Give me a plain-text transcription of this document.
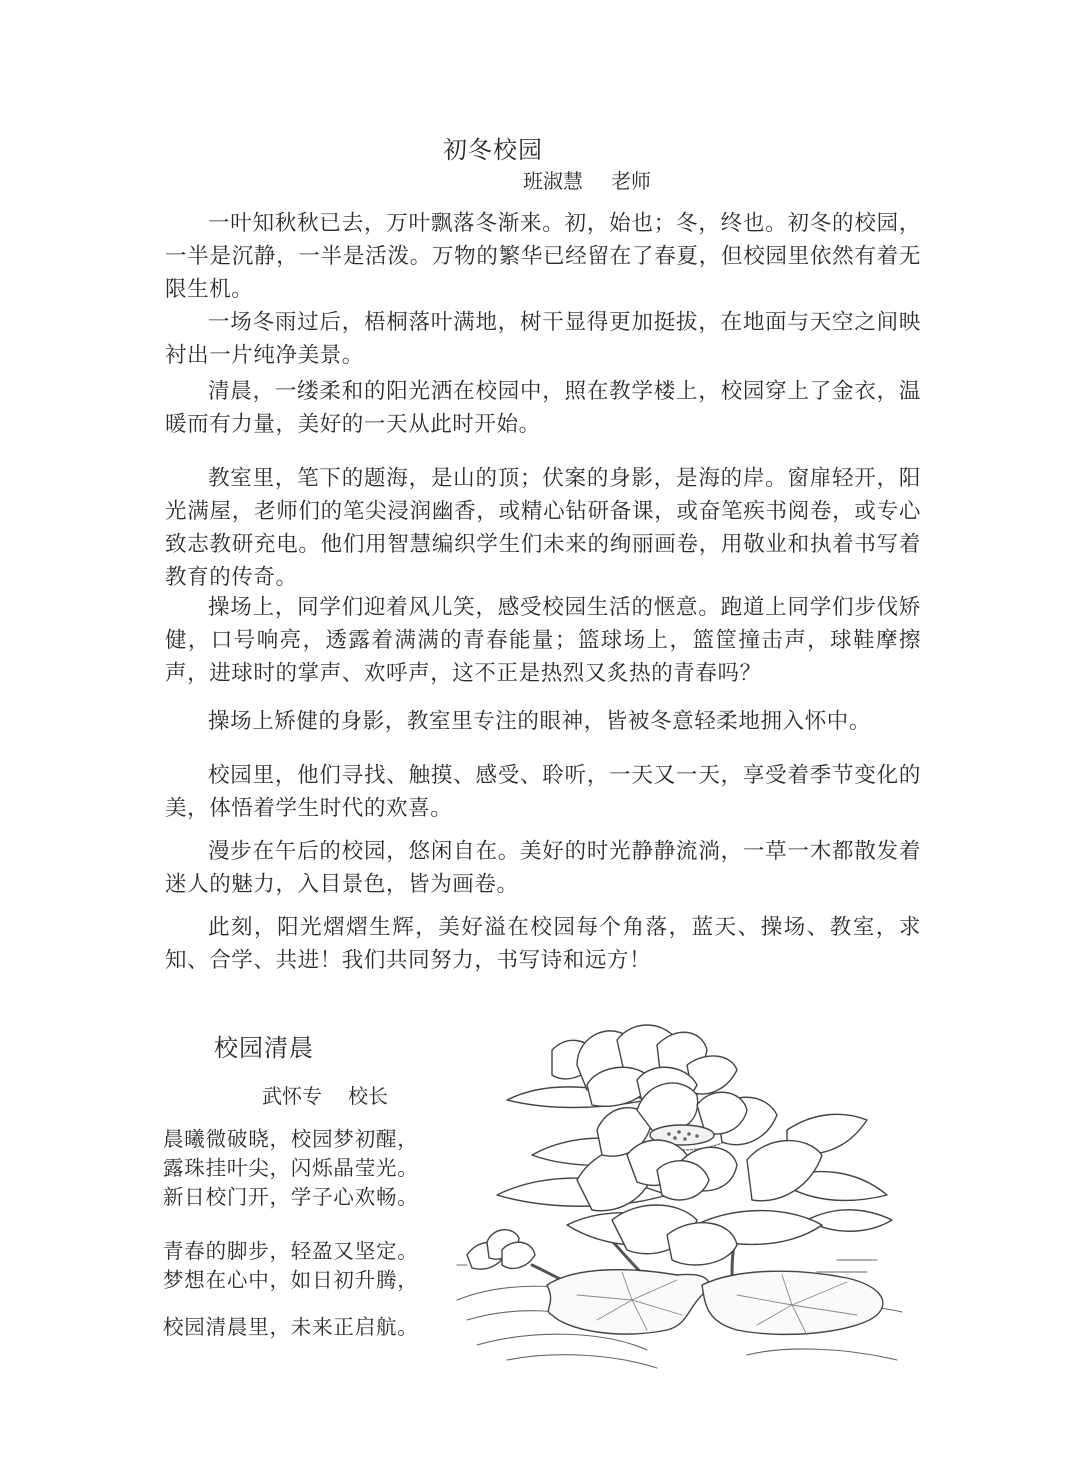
初冬校园
班淑慧 老师

一叶知秋秋已去，万叶飘落冬渐来。初，始也；冬，终也。初冬的校园，一半是沉静，一半是活泼。万物的繁华已经留在了春夏，但校园里依然有着无限生机。

一场冬雨过后，梧桐落叶满地，树干显得更加挺拔，在地面与天空之间映衬出一片纯净美景。

清晨，一缕柔和的阳光洒在校园中，照在教学楼上，校园穿上了金衣，温暖而有力量，美好的一天从此时开始。

教室里，笔下的题海，是山的顶；伏案的身影，是海的岸。窗扉轻开，阳光满屋，老师们的笔尖浸润幽香，或精心钻研备课，或奋笔疾书阅卷，或专心致志教研充电。他们用智慧编织学生们未来的绚丽画卷，用敬业和执着书写着教育的传奇。

操场上，同学们迎着风儿笑，感受校园生活的惬意。跑道上同学们步伐矫健，口号响亮，透露着满满的青春能量；篮球场上，篮筐撞击声，球鞋摩擦声，进球时的掌声、欢呼声，这不正是热烈又炙热的青春吗？

操场上矫健的身影，教室里专注的眼神，皆被冬意轻柔地拥入怀中。

校园里，他们寻找、触摸、感受、聆听，一天又一天，享受着季节变化的美，体悟着学生时代的欢喜。

漫步在午后的校园，悠闲自在。美好的时光静静流淌，一草一木都散发着迷人的魅力，入目景色，皆为画卷。

此刻，阳光熠熠生辉，美好溢在校园每个角落，蓝天、操场、教室，求知、合学、共进！我们共同努力，书写诗和远方！

校园清晨
武怀专 校长
晨曦微破晓，校园梦初醒，
露珠挂叶尖，闪烁晶莹光。
新日校门开，学子心欢畅。
青春的脚步，轻盈又坚定。
梦想在心中，如日初升腾，
校园清晨里，未来正启航。
